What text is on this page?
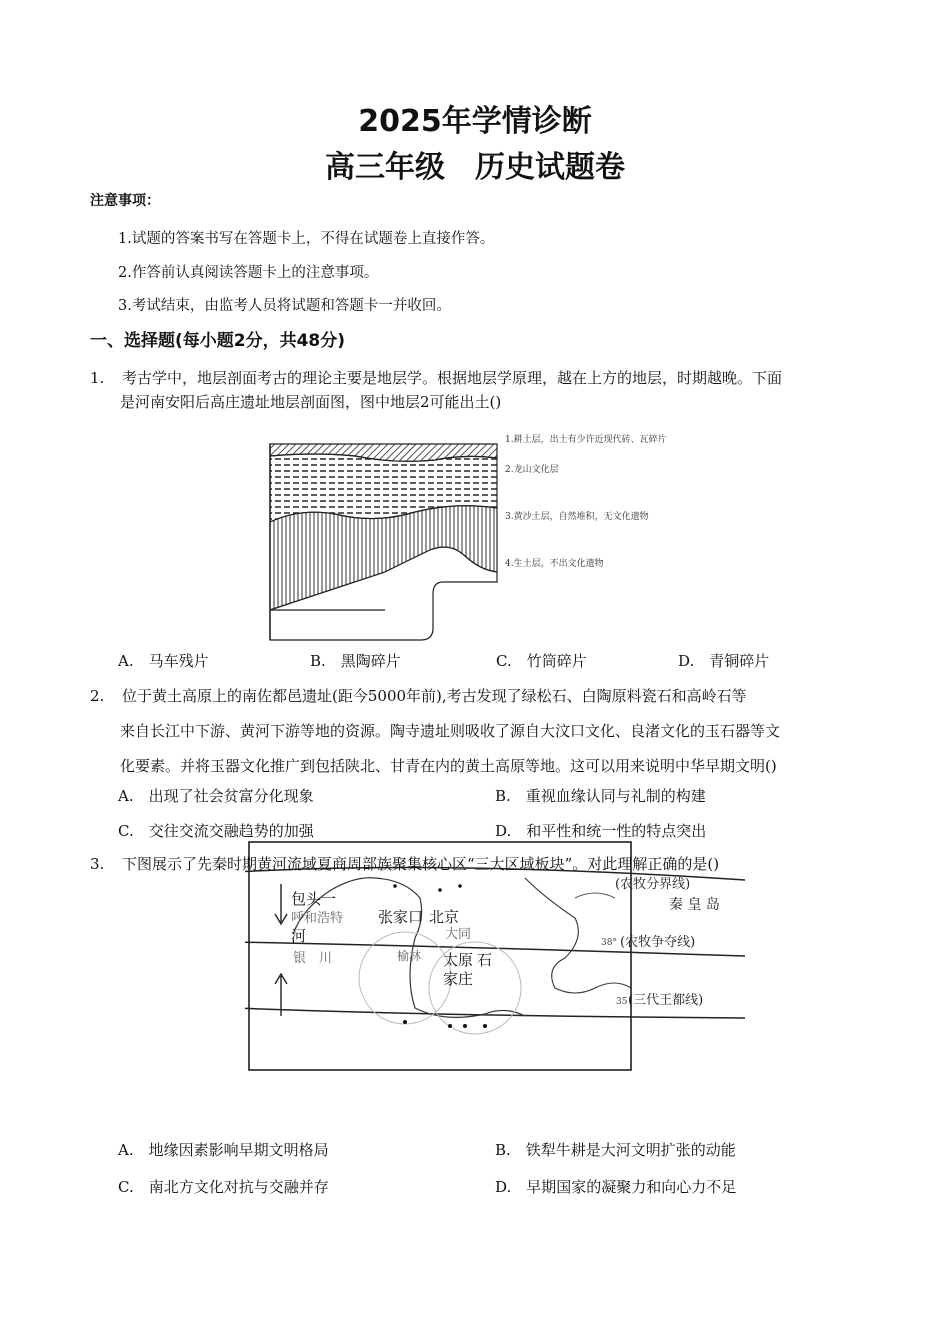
2025年学情诊断
高三年级　历史试题卷
注意事项：
1.试题的答案书写在答题卡上，不得在试题卷上直接作答。
2.作答前认真阅读答题卡上的注意事项。
3.考试结束，由监考人员将试题和答题卡一并收回。
一、选择题(每小题2分，共48分)
1. 考古学中，地层剖面考古的理论主要是地层学。根据地层学原理，越在上方的地层，时期越晚。下面
是河南安阳后高庄遗址地层剖面图，图中地层2可能出土()
1.耕土层，出土有少许近现代砖、瓦碎片
2.龙山文化层
3.黄沙土层，自然堆积，无文化遗物
4.生土层，不出文化遗物
A.　马车残片	B.　黑陶碎片	C.　竹筒碎片	D.　青铜碎片
2. 位于黄土高原上的南佐都邑遗址(距今5000年前),考古发现了绿松石、白陶原料瓷石和高岭石等
来自长江中下游、黄河下游等地的资源。陶寺遗址则吸收了源自大汶口文化、良渚文化的玉石器等文
化要素。并将玉器文化推广到包括陕北、甘青在内的黄土高原等地。这可以用来说明中华早期文明()
A.　出现了社会贫富分化现象	B.　重视血缘认同与礼制的构建
C.　交往交流交融趋势的加强	D.　和平性和统一性的特点突出
包头一
呼和浩特
河
银　川
张家口 北京
大同
榆林 太原 石
家庄
(农牧分界线)
秦 皇 岛
38° (农牧争夺线)
35 (三代王都线)
3. 下图展示了先秦时期黄河流域夏商周部族聚集核心区“三大区域板块”。对此理解正确的是()
A.　地缘因素影响早期文明格局	B.　铁犁牛耕是大河文明扩张的动能
C.　南北方文化对抗与交融并存	D.　早期国家的凝聚力和向心力不足
